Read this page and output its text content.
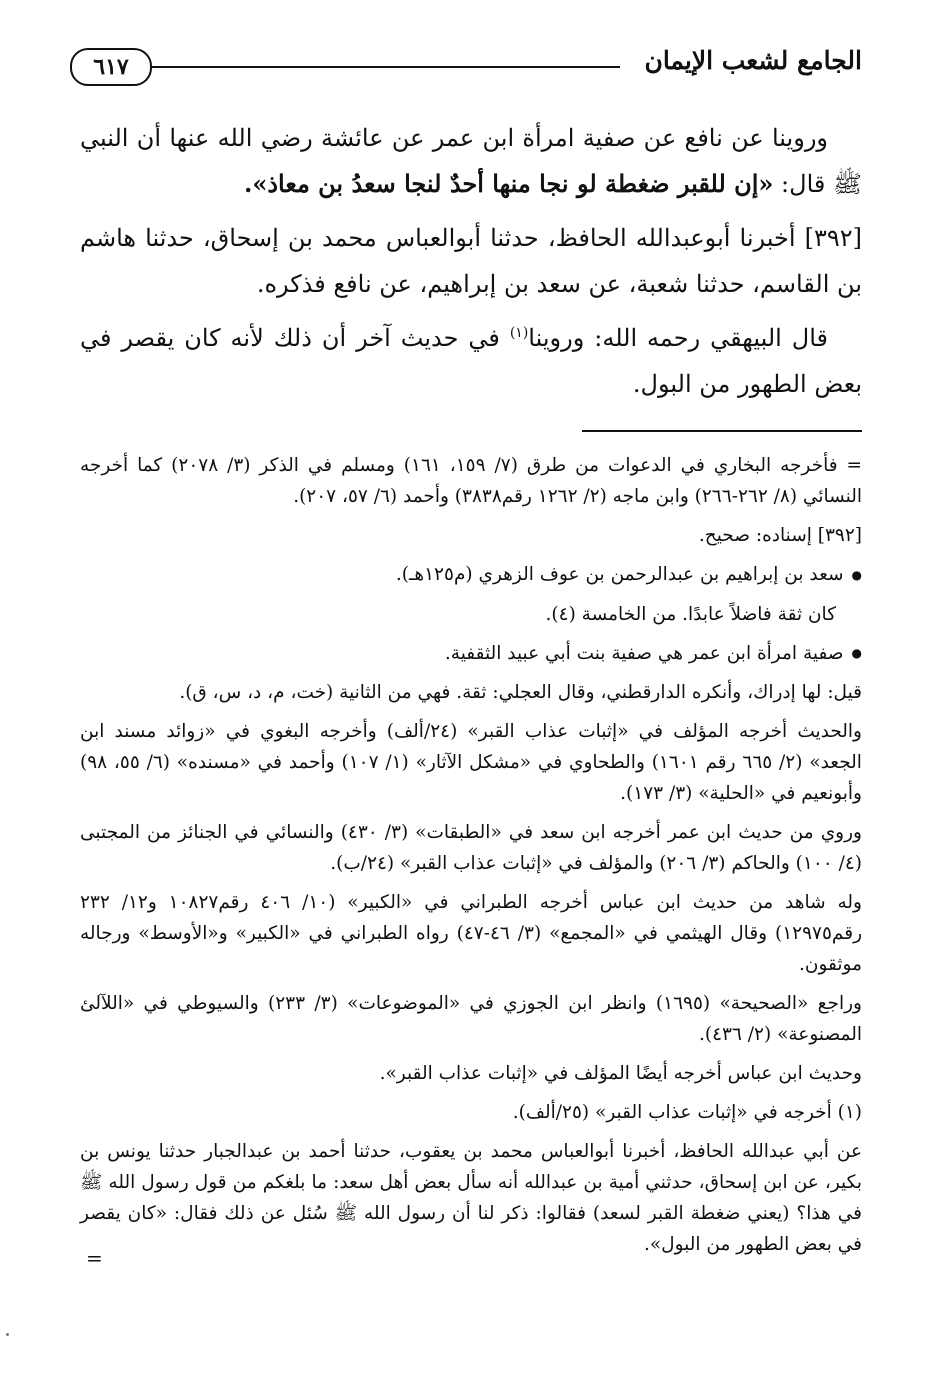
الجامع لشعب الإيمان
٦١٧

وروينا عن نافع عن صفية امرأة ابن عمر عن عائشة رضي الله عنها أن النبي ﷺ قال: «إن للقبر ضغطة لو نجا منها أحدٌ لنجا سعدُ بن معاذ».

[٣٩٢] أخبرنا أبوعبدالله الحافظ، حدثنا أبوالعباس محمد بن إسحاق، حدثنا هاشم بن القاسم، حدثنا شعبة، عن سعد بن إبراهيم، عن نافع فذكره.

قال البيهقي رحمه الله: وروينا$^{(١)}$ في حديث آخر أن ذلك لأنه كان يقصر في بعض الطهور من البول.

= فأخرجه البخاري في الدعوات من طرق (٧/ ١٥٩، ١٦١) ومسلم في الذكر (٣/ ٢٠٧٨) كما أخرجه النسائي (٨/ ٢٦٢-٢٦٦) وابن ماجه (٢/ ١٢٦٢ رقم٣٨٣٨) وأحمد (٦/ ٥٧، ٢٠٧).

[٣٩٢] إسناده: صحيح.

● سعد بن إبراهيم بن عبدالرحمن بن عوف الزهري (م١٢٥هـ).

كان ثقة فاضلاً عابدًا. من الخامسة (٤).

● صفية امرأة ابن عمر هي صفية بنت أبي عبيد الثقفية.

قيل: لها إدراك، وأنكره الدارقطني، وقال العجلي: ثقة. فهي من الثانية (خت، م، د، س، ق).

والحديث أخرجه المؤلف في «إثبات عذاب القبر» (٢٤/ألف) وأخرجه البغوي في «زوائد مسند ابن الجعد» (٢/ ٦٦٥ رقم ١٦٠١) والطحاوي في «مشكل الآثار» (١/ ١٠٧) وأحمد في «مسنده» (٦/ ٥٥، ٩٨) وأبونعيم في «الحلية» (٣/ ١٧٣).

وروي من حديث ابن عمر أخرجه ابن سعد في «الطبقات» (٣/ ٤٣٠) والنسائي في الجنائز من المجتبى (٤/ ١٠٠) والحاكم (٣/ ٢٠٦) والمؤلف في «إثبات عذاب القبر» (٢٤/ب).

وله شاهد من حديث ابن عباس أخرجه الطبراني في «الكبير» (١٠/ ٤٠٦ رقم١٠٨٢٧ و١٢/ ٢٣٢ رقم١٢٩٧٥) وقال الهيثمي في «المجمع» (٣/ ٤٦-٤٧) رواه الطبراني في «الكبير» و«الأوسط» ورجاله موثقون.

وراجع «الصحيحة» (١٦٩٥) وانظر ابن الجوزي في «الموضوعات» (٣/ ٢٣٣) والسيوطي في «اللآلئ المصنوعة» (٢/ ٤٣٦).

وحديث ابن عباس أخرجه أيضًا المؤلف في «إثبات عذاب القبر».

(١) أخرجه في «إثبات عذاب القبر» (٢٥/ألف).

عن أبي عبدالله الحافظ، أخبرنا أبوالعباس محمد بن يعقوب، حدثنا أحمد بن عبدالجبار حدثنا يونس بن بكير، عن ابن إسحاق، حدثني أمية بن عبدالله أنه سأل بعض أهل سعد: ما بلغكم من قول رسول الله ﷺ في هذا؟ (يعني ضغطة القبر لسعد) فقالوا: ذكر لنا أن رسول الله ﷺ سُئل عن ذلك فقال: «كان يقصر في بعض الطهور من البول».

=
